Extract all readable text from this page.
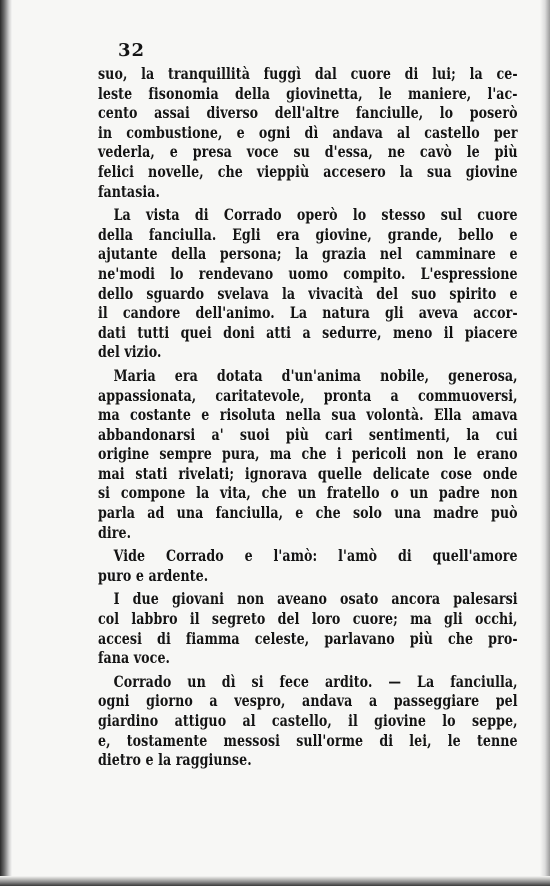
32
suo, la tranquillità fuggì dal cuore di lui; la ce-
leste fisonomia della giovinetta, le maniere, l'ac-
cento assai diverso dell'altre fanciulle, lo poserò
in combustione, e ogni dì andava al castello per
vederla, e presa voce su d'essa, ne cavò le più
felici novelle, che vieppiù accesero la sua giovine
fantasia.
La vista di Corrado operò lo stesso sul cuore
della fanciulla. Egli era giovine, grande, bello e
ajutante della persona; la grazia nel camminare e
ne'modi lo rendevano uomo compito. L'espressione
dello sguardo svelava la vivacità del suo spirito e
il candore dell'animo. La natura gli aveva accor-
dati tutti quei doni atti a sedurre, meno il piacere
del vizio.
Maria era dotata d'un'anima nobile, generosa,
appassionata, caritatevole, pronta a commuoversi,
ma costante e risoluta nella sua volontà. Ella amava
abbandonarsi a' suoi più cari sentimenti, la cui
origine sempre pura, ma che i pericoli non le erano
mai stati rivelati; ignorava quelle delicate cose onde
si compone la vita, che un fratello o un padre non
parla ad una fanciulla, e che solo una madre può
dire.
Vide Corrado e l'amò: l'amò di quell'amore
puro e ardente.
I due giovani non aveano osato ancora palesarsi
col labbro il segreto del loro cuore; ma gli occhi,
accesi di fiamma celeste, parlavano più che pro-
fana voce.
Corrado un dì si fece ardito. — La fanciulla,
ogni giorno a vespro, andava a passeggiare pel
giardino attiguo al castello, il giovine lo seppe,
e, tostamente messosi sull'orme di lei, le tenne
dietro e la raggiunse.
